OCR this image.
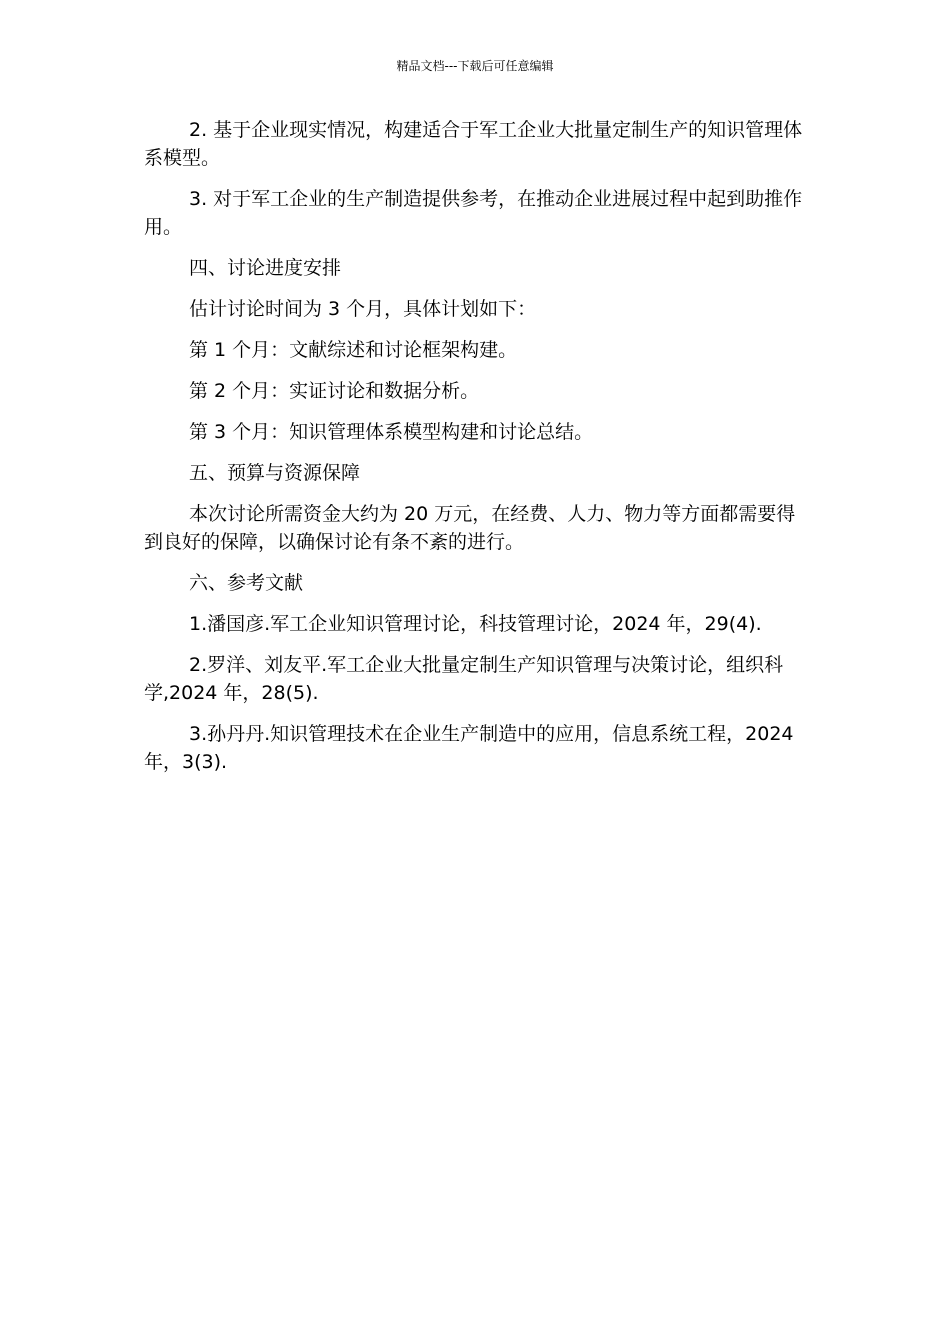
精品文档---下载后可任意编辑

2. 基于企业现实情况，构建适合于军工企业大批量定制生产的知识管理体系模型。

3. 对于军工企业的生产制造提供参考，在推动企业进展过程中起到助推作用。

四、讨论进度安排

估计讨论时间为 3 个月，具体计划如下：

第 1 个月：文献综述和讨论框架构建。

第 2 个月：实证讨论和数据分析。

第 3 个月：知识管理体系模型构建和讨论总结。

五、预算与资源保障

本次讨论所需资金大约为 20 万元，在经费、人力、物力等方面都需要得到良好的保障，以确保讨论有条不紊的进行。

六、参考文献

1.潘国彦.军工企业知识管理讨论，科技管理讨论，2024 年，29(4).

2.罗洋、刘友平.军工企业大批量定制生产知识管理与决策讨论，组织科学,2024 年，28(5).

3.孙丹丹.知识管理技术在企业生产制造中的应用，信息系统工程，2024 年，3(3).
